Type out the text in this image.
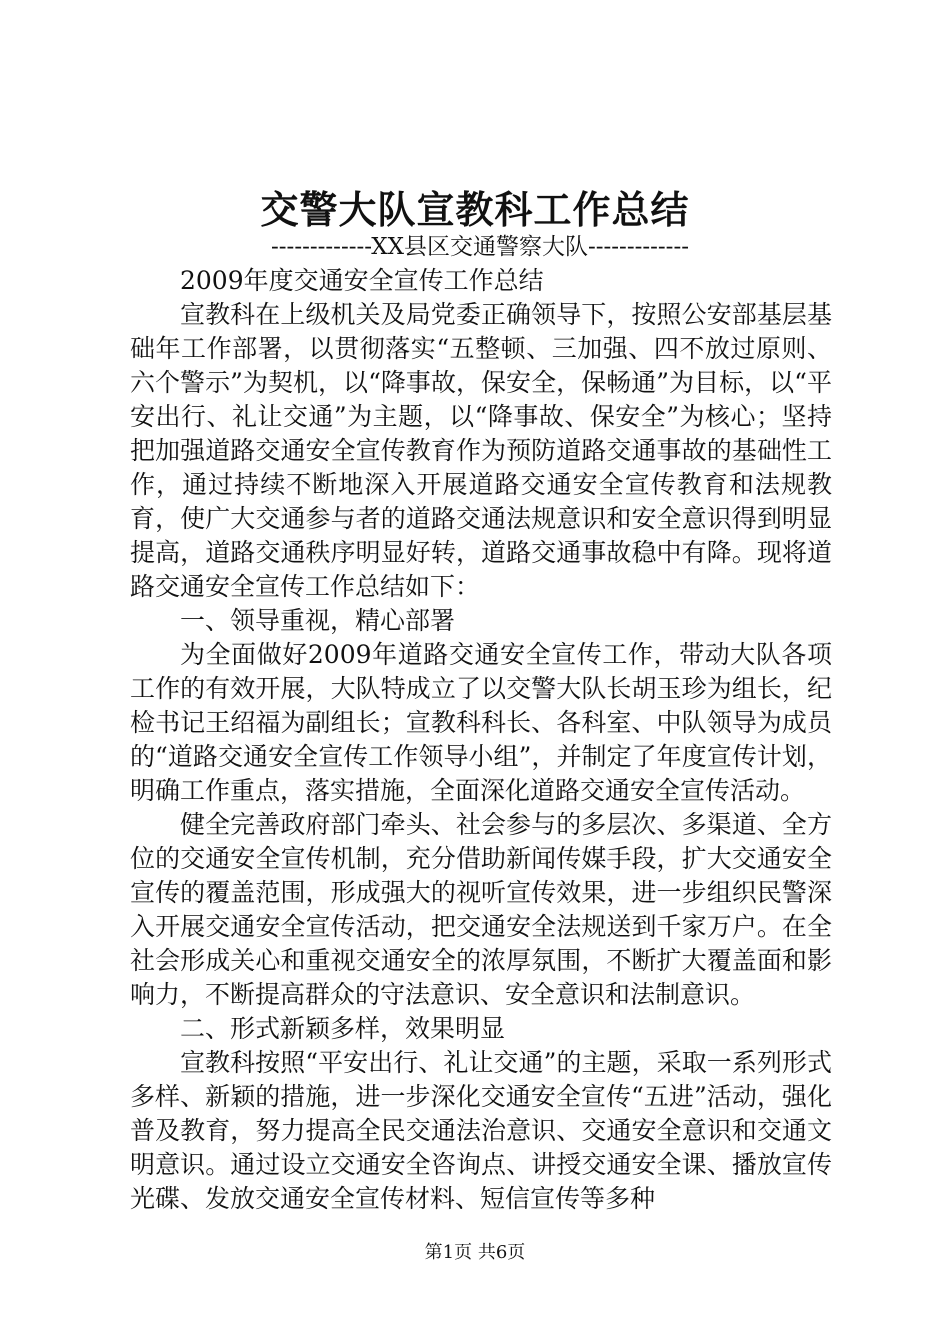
交警大队宣教科工作总结
-------------XX县区交通警察大队-------------

2009年度交通安全宣传工作总结

宣教科在上级机关及局党委正确领导下，按照公安部基层基础年工作部署，以贯彻落实“五整顿、三加强、四不放过原则、六个警示”为契机，以“降事故，保安全，保畅通”为目标，以“平安出行、礼让交通”为主题，以“降事故、保安全”为核心；坚持把加强道路交通安全宣传教育作为预防道路交通事故的基础性工作，通过持续不断地深入开展道路交通安全宣传教育和法规教育，使广大交通参与者的道路交通法规意识和安全意识得到明显提高，道路交通秩序明显好转，道路交通事故稳中有降。现将道路交通安全宣传工作总结如下：

一、领导重视，精心部署

为全面做好2009年道路交通安全宣传工作，带动大队各项工作的有效开展，大队特成立了以交警大队长胡玉珍为组长，纪检书记王绍福为副组长；宣教科科长、各科室、中队领导为成员的“道路交通安全宣传工作领导小组”，并制定了年度宣传计划，明确工作重点，落实措施，全面深化道路交通安全宣传活动。

健全完善政府部门牵头、社会参与的多层次、多渠道、全方位的交通安全宣传机制，充分借助新闻传媒手段，扩大交通安全宣传的覆盖范围，形成强大的视听宣传效果，进一步组织民警深入开展交通安全宣传活动，把交通安全法规送到千家万户。在全社会形成关心和重视交通安全的浓厚氛围，不断扩大覆盖面和影响力，不断提高群众的守法意识、安全意识和法制意识。

二、形式新颖多样，效果明显

宣教科按照“平安出行、礼让交通”的主题，采取一系列形式多样、新颖的措施，进一步深化交通安全宣传“五进”活动，强化普及教育，努力提高全民交通法治意识、交通安全意识和交通文明意识。通过设立交通安全咨询点、讲授交通安全课、播放宣传光碟、发放交通安全宣传材料、短信宣传等多种

第1页 共6页
